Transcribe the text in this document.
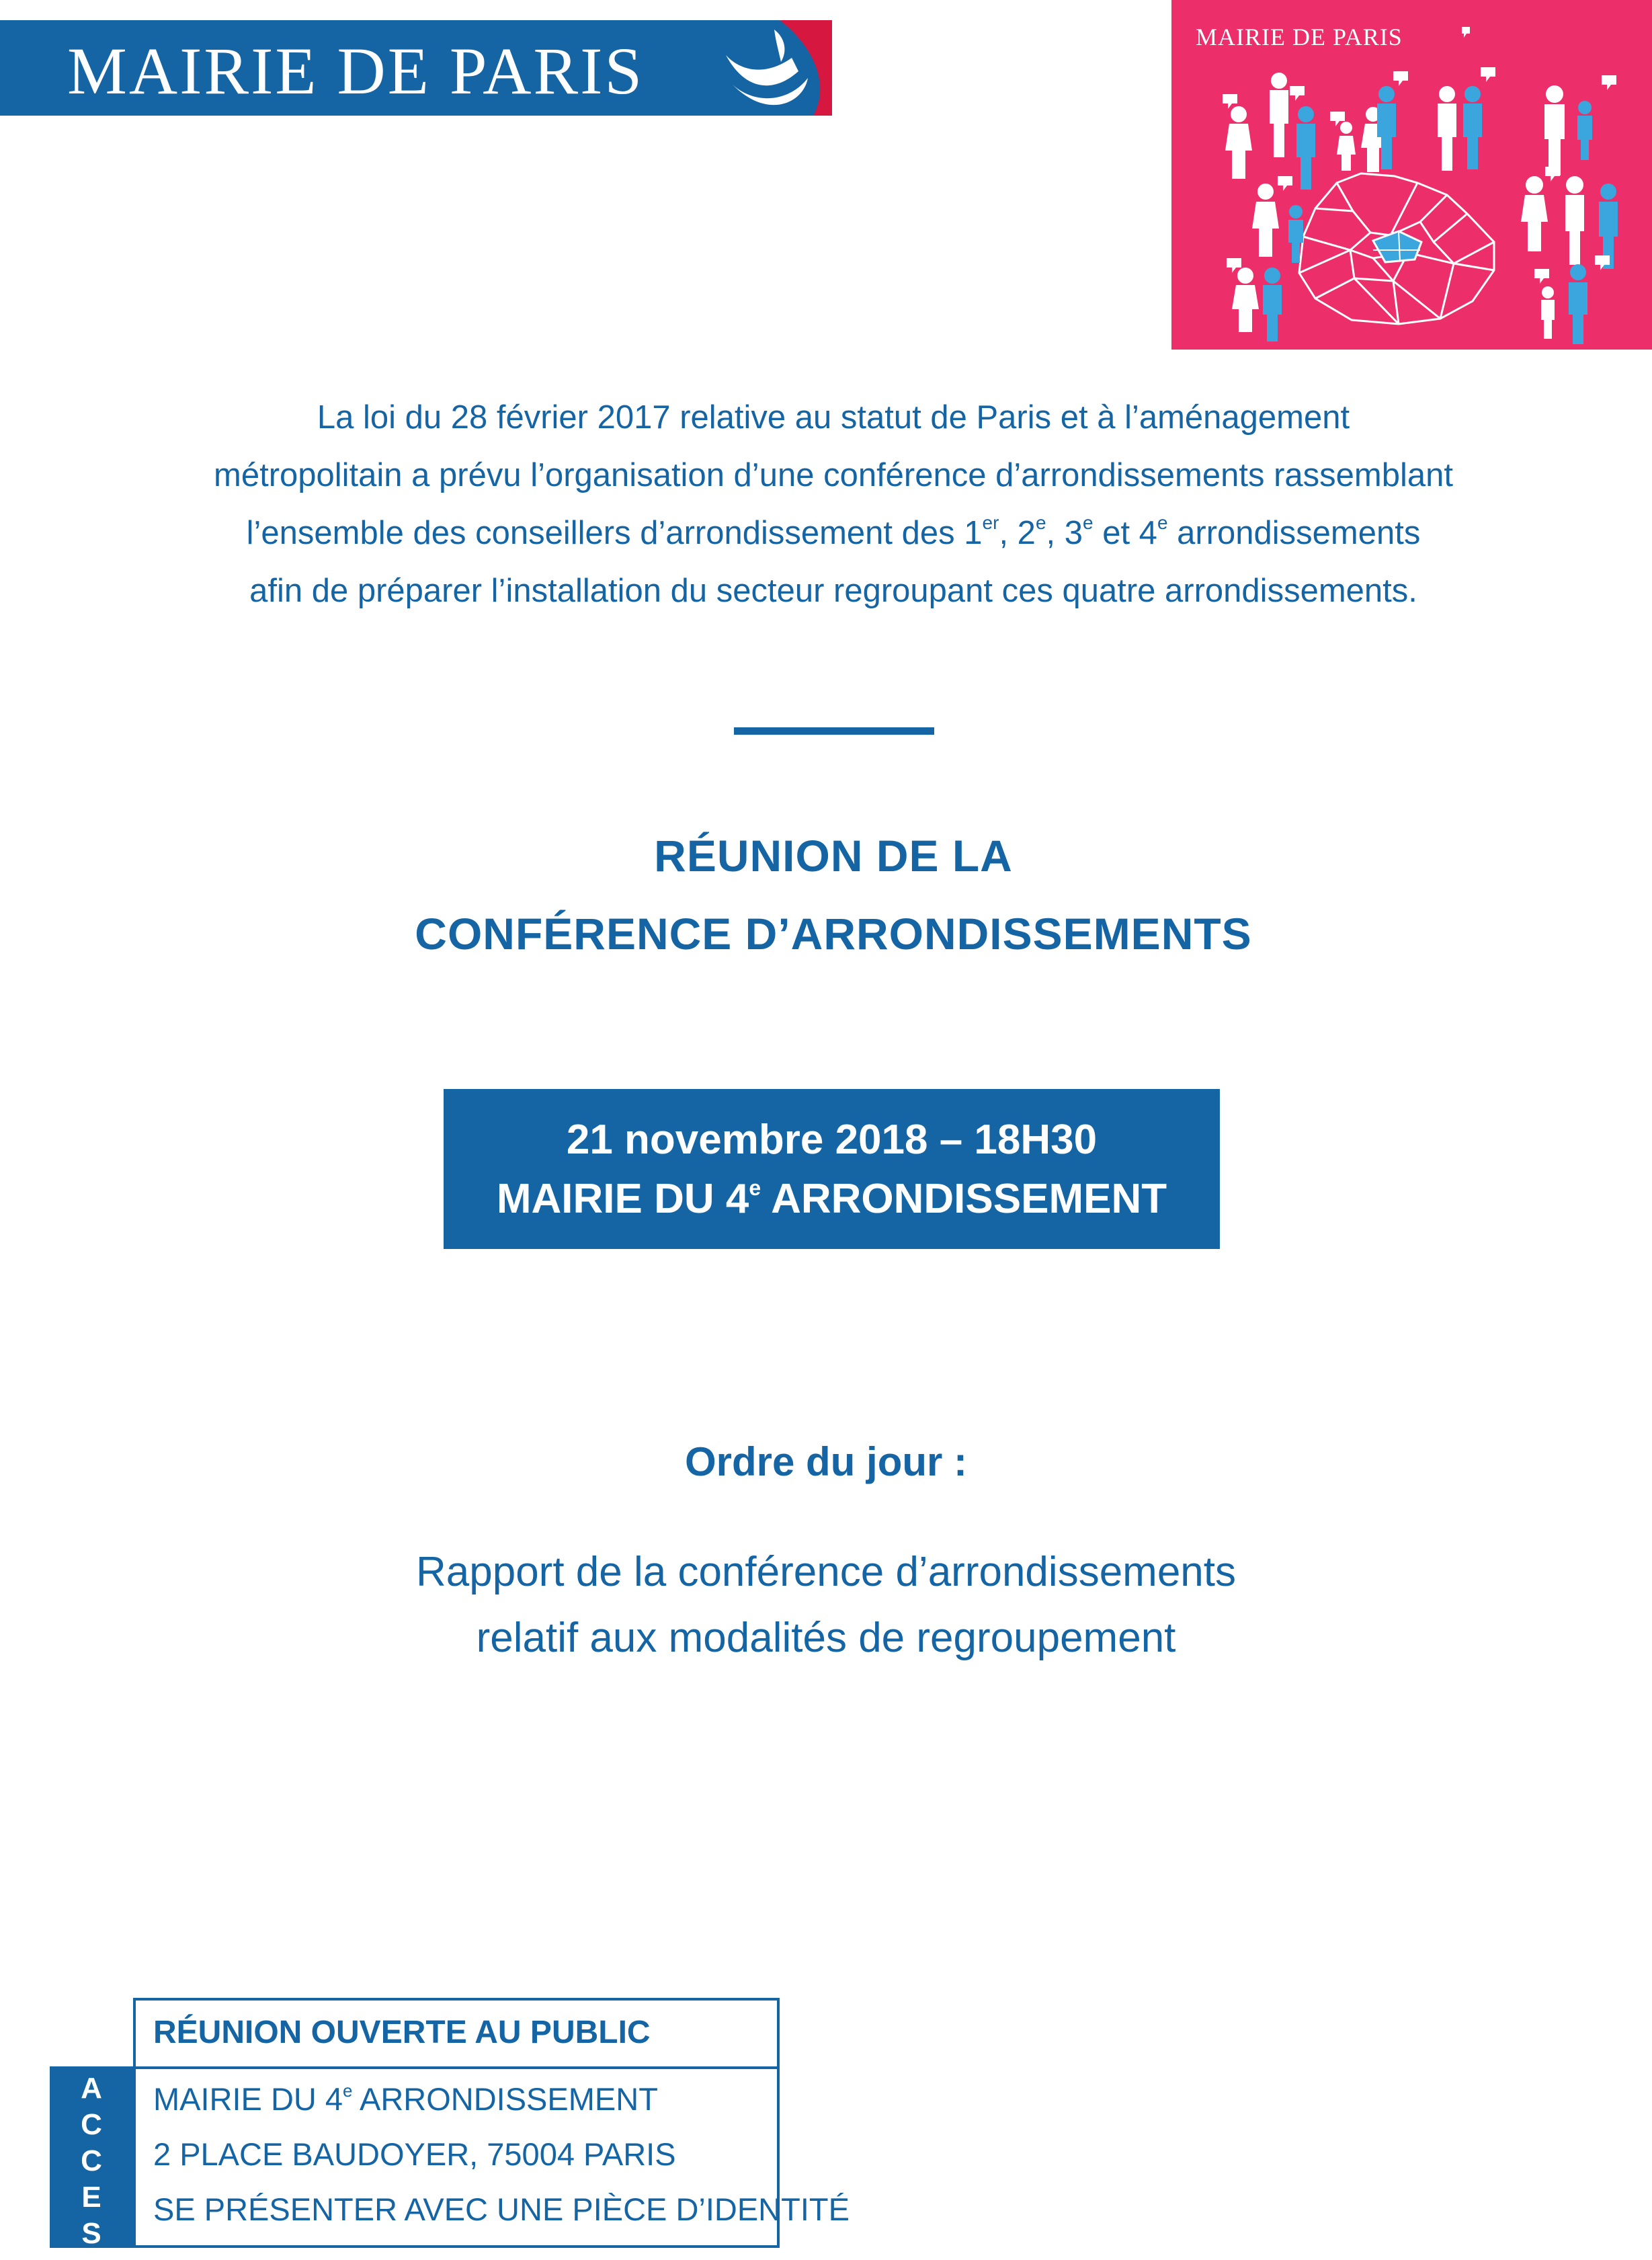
MAIRIE DE PARIS	MAIRIE DE PARIS

La loi du 28 février 2017 relative au statut de Paris et à l’aménagement

métropolitain a prévu l’organisation d’une conférence d’arrondissements rassemblant

l’ensemble des conseillers d’arrondissement des 1er, 2e, 3e et 4e arrondissements

afin de préparer l’installation du secteur regroupant ces quatre arrondissements.

RÉUNION DE LA
CONFÉRENCE D’ARRONDISSEMENTS
21 novembre 2018 – 18H30
MAIRIE DU 4e ARRONDISSEMENT
Ordre du jour :
Rapport de la conférence d’arrondissements
relatif aux modalités de regroupement
RÉUNION OUVERTE AU PUBLIC
A
C
C
E
S
MAIRIE DU 4e ARRONDISSEMENT
2 PLACE BAUDOYER, 75004 PARIS
SE PRÉSENTER AVEC UNE PIÈCE D’IDENTITÉ
